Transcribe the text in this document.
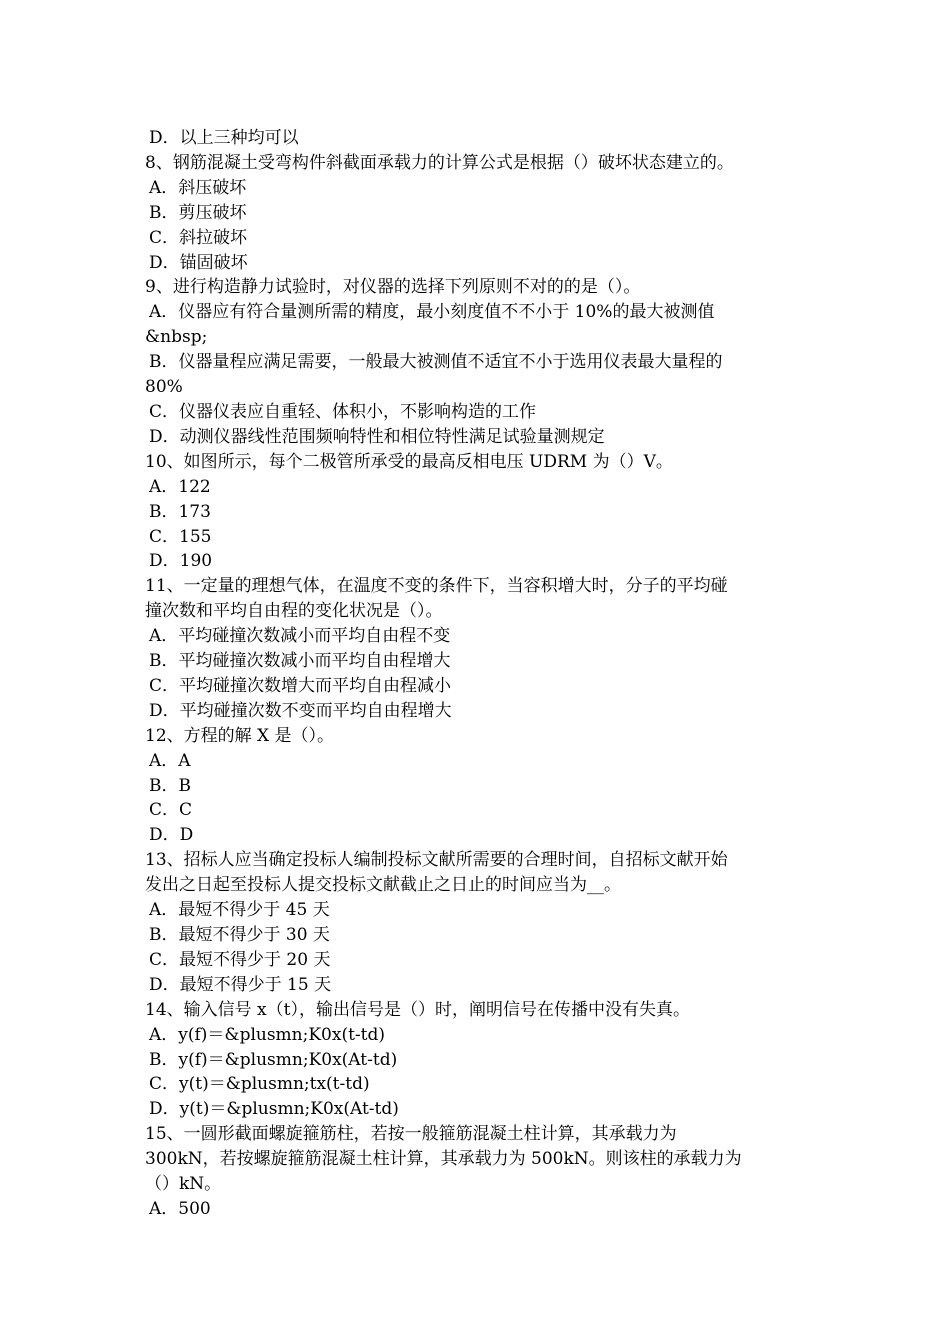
D．以上三种均可以
8、钢筋混凝土受弯构件斜截面承载力的计算公式是根据（）破坏状态建立的。
A．斜压破坏
B．剪压破坏
C．斜拉破坏
D．锚固破坏
9、进行构造静力试验时，对仪器的选择下列原则不对的的是（）。
A．仪器应有符合量测所需的精度，最小刻度值不不小于 10%的最大被测值
&nbsp;
B．仪器量程应满足需要，一般最大被测值不适宜不小于选用仪表最大量程的
80%
C．仪器仪表应自重轻、体积小，不影响构造的工作
D．动测仪器线性范围频响特性和相位特性满足试验量测规定
10、如图所示，每个二极管所承受的最高反相电压 UDRM 为（）V。
A．122
B．173
C．155
D．190
11、一定量的理想气体，在温度不变的条件下，当容积增大时，分子的平均碰
撞次数和平均自由程的变化状况是（）。
A．平均碰撞次数减小而平均自由程不变
B．平均碰撞次数减小而平均自由程增大
C．平均碰撞次数增大而平均自由程减小
D．平均碰撞次数不变而平均自由程增大
12、方程的解 X 是（）。
A．A
B．B
C．C
D．D
13、招标人应当确定投标人编制投标文献所需要的合理时间，自招标文献开始
发出之日起至投标人提交投标文献截止之日止的时间应当为__。
A．最短不得少于 45 天
B．最短不得少于 30 天
C．最短不得少于 20 天
D．最短不得少于 15 天
14、输入信号 x（t），输出信号是（）时，阐明信号在传播中没有失真。
A．y(f)＝&plusmn;K0x(t-td)
B．y(f)＝&plusmn;K0x(At-td)
C．y(t)＝&plusmn;tx(t-td)
D．y(t)＝&plusmn;K0x(At-td)
15、一圆形截面螺旋箍筋柱，若按一般箍筋混凝土柱计算，其承载力为
300kN，若按螺旋箍筋混凝土柱计算，其承载力为 500kN。则该柱的承载力为
（）kN。
A．500
